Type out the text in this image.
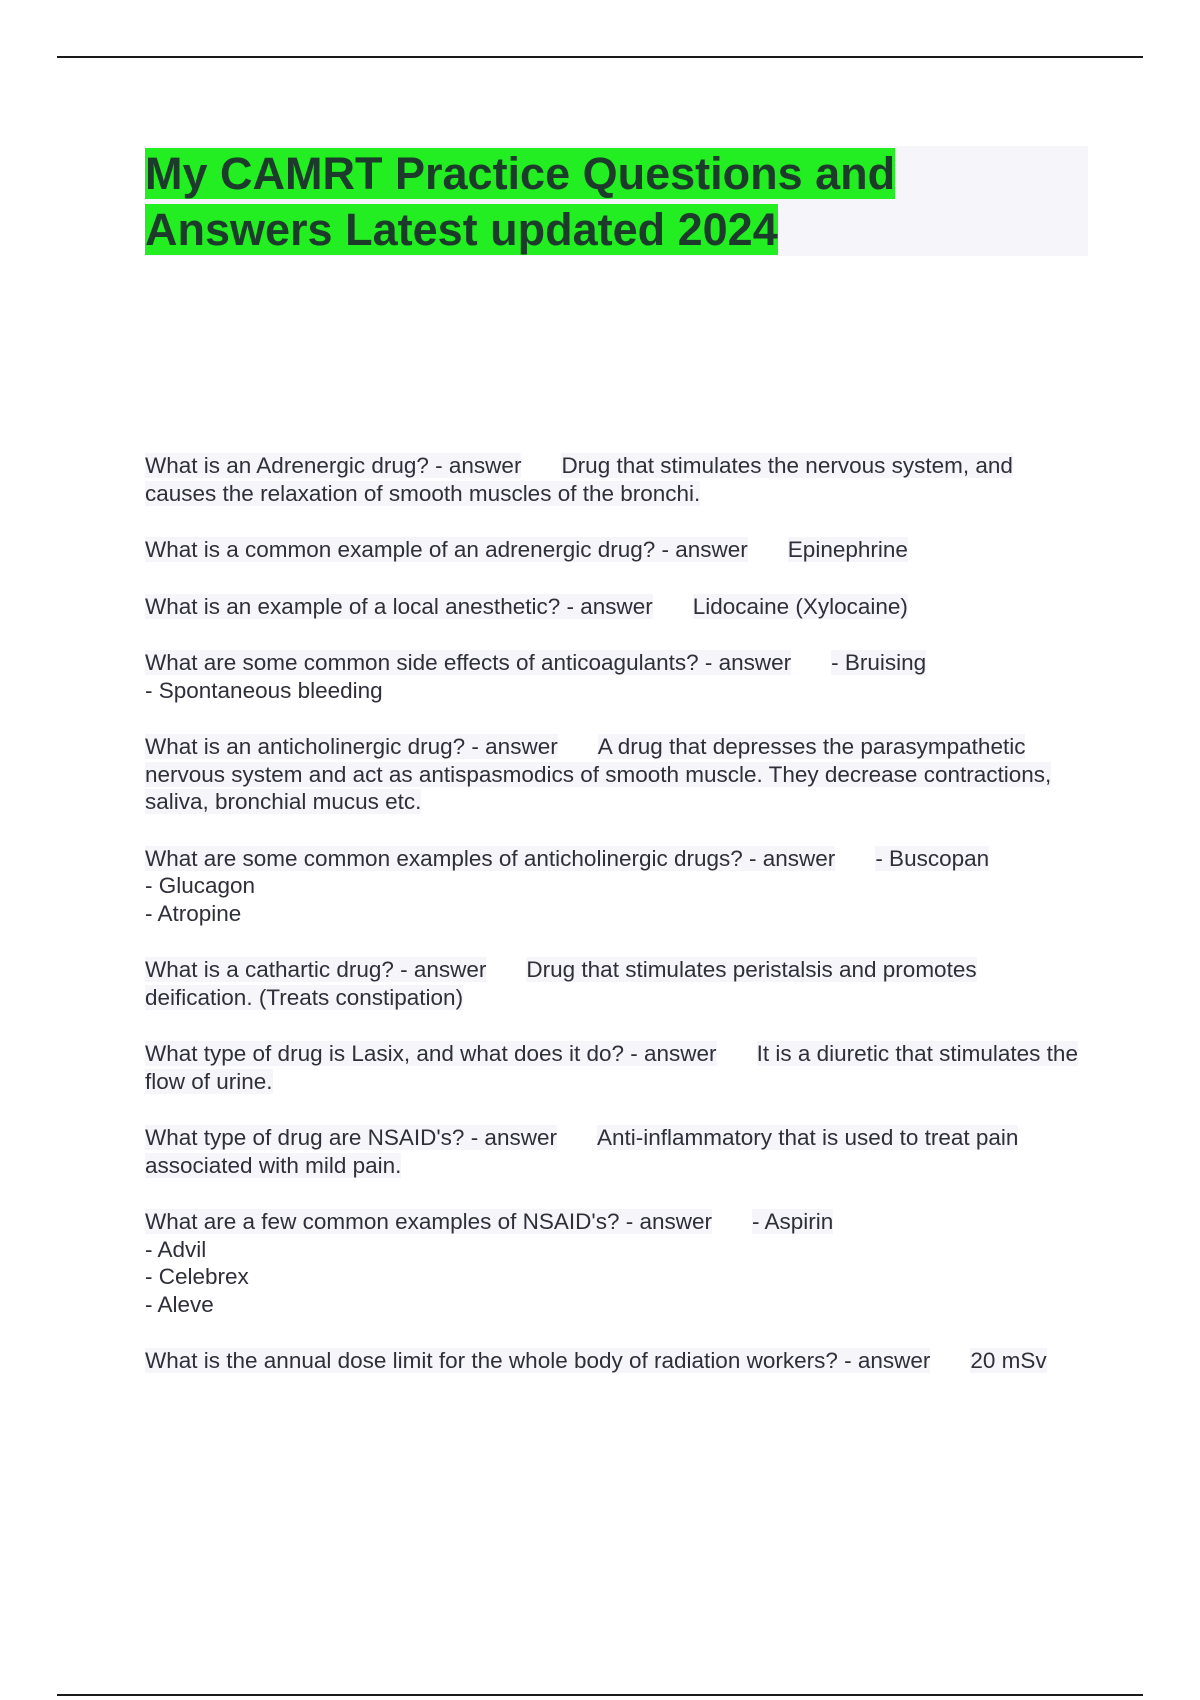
My CAMRT Practice Questions and
Answers Latest updated 2024
What is an Adrenergic drug? - answer Drug that stimulates the nervous system, and causes the relaxation of smooth muscles of the bronchi.
What is a common example of an adrenergic drug? - answer Epinephrine
What is an example of a local anesthetic? - answer Lidocaine (Xylocaine)
What are some common side effects of anticoagulants? - answer - Bruising
- Spontaneous bleeding
What is an anticholinergic drug? - answer A drug that depresses the parasympathetic nervous system and act as antispasmodics of smooth muscle. They decrease contractions, saliva, bronchial mucus etc.
What are some common examples of anticholinergic drugs? - answer - Buscopan
- Glucagon
- Atropine
What is a cathartic drug? - answer Drug that stimulates peristalsis and promotes deification. (Treats constipation)
What type of drug is Lasix, and what does it do? - answer It is a diuretic that stimulates the flow of urine.
What type of drug are NSAID's? - answer Anti-inflammatory that is used to treat pain associated with mild pain.
What are a few common examples of NSAID's? - answer - Aspirin
- Advil
- Celebrex
- Aleve
What is the annual dose limit for the whole body of radiation workers? - answer 20 mSv
